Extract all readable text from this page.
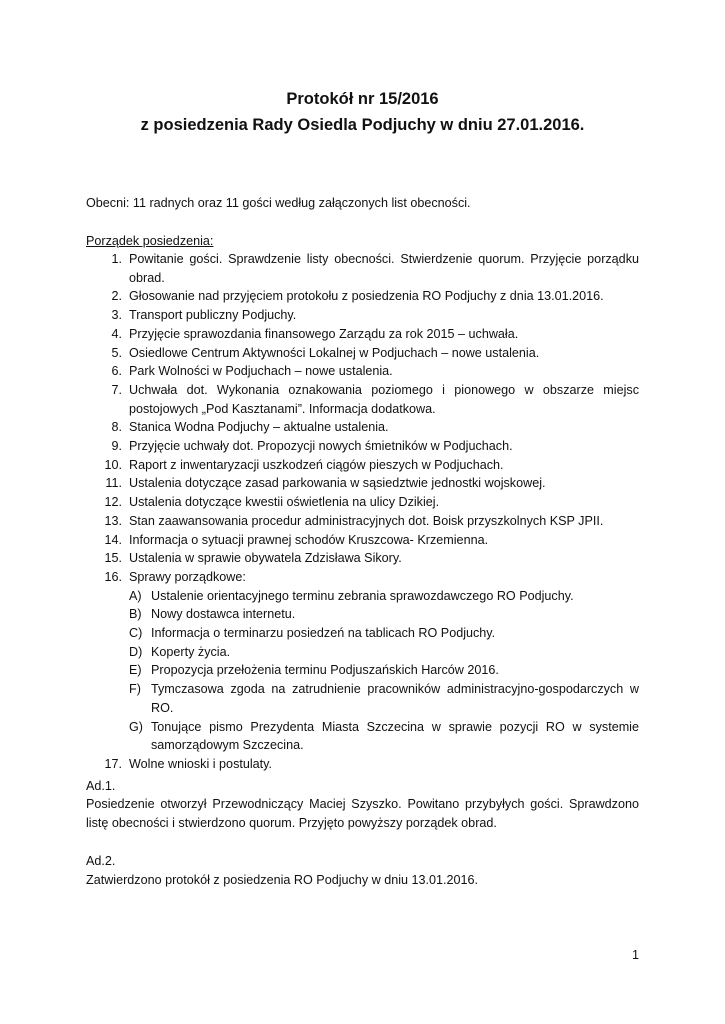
Protokół nr 15/2016
z posiedzenia Rady Osiedla Podjuchy w dniu 27.01.2016.
Obecni: 11 radnych oraz 11 gości według załączonych list obecności.
Porządek posiedzenia:
1. Powitanie gości. Sprawdzenie listy obecności. Stwierdzenie quorum. Przyjęcie porządku obrad.
2. Głosowanie nad przyjęciem protokołu z posiedzenia RO Podjuchy z dnia 13.01.2016.
3. Transport publiczny Podjuchy.
4. Przyjęcie sprawozdania finansowego Zarządu za rok 2015 – uchwała.
5. Osiedlowe Centrum Aktywności Lokalnej w Podjuchach – nowe ustalenia.
6. Park Wolności w Podjuchach – nowe ustalenia.
7. Uchwała dot. Wykonania oznakowania poziomego i pionowego w obszarze miejsc postojowych „Pod Kasztanami”. Informacja dodatkowa.
8. Stanica Wodna Podjuchy – aktualne ustalenia.
9. Przyjęcie uchwały dot. Propozycji nowych śmietników w Podjuchach.
10. Raport z inwentaryzacji uszkodzeń ciągów pieszych w Podjuchach.
11. Ustalenia dotyczące zasad parkowania w sąsiedztwie jednostki wojskowej.
12. Ustalenia dotyczące kwestii oświetlenia na ulicy Dzikiej.
13. Stan zaawansowania procedur administracyjnych dot. Boisk przyszkolnych KSP JPII.
14. Informacja o sytuacji prawnej schodów Kruszcowa- Krzemienna.
15. Ustalenia w sprawie obywatela Zdzisława Sikory.
16. Sprawy porządkowe:
A) Ustalenie orientacyjnego terminu zebrania sprawozdawczego RO Podjuchy.
B) Nowy dostawca internetu.
C) Informacja o terminarzu posiedzeń na tablicach RO Podjuchy.
D) Koperty życia.
E) Propozycja przełożenia terminu Podjuszańskich Harców 2016.
F) Tymczasowa zgoda na zatrudnienie pracowników administracyjno-gospodarczych w RO.
G) Tonujące pismo Prezydenta Miasta Szczecina w sprawie pozycji RO w systemie samorządowym Szczecina.
17. Wolne wnioski i postulaty.
Ad.1.
Posiedzenie otworzył Przewodniczący Maciej Szyszko. Powitano przybyłych gości. Sprawdzono listę obecności i stwierdzono quorum. Przyjęto powyższy porządek obrad.
Ad.2.
Zatwierdzono protokół z posiedzenia RO Podjuchy w dniu 13.01.2016.
1
